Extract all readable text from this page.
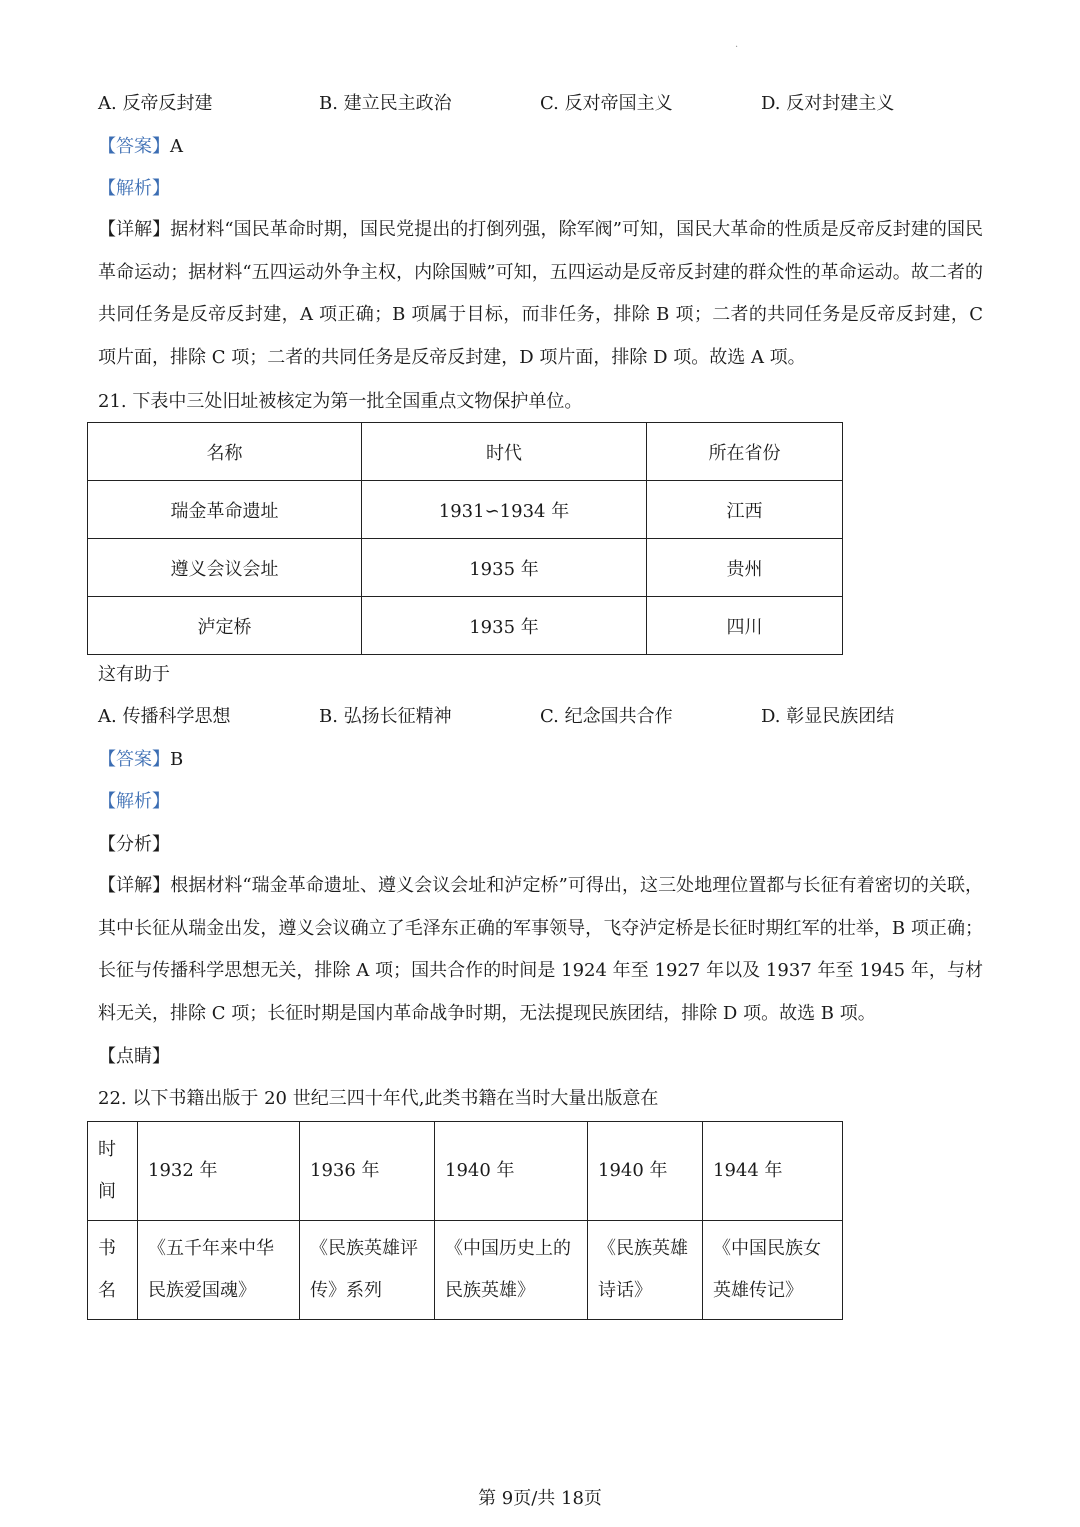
·
A. 反帝反封建	B. 建立民主政治	C. 反对帝国主义	D. 反对封建主义
【答案】A
【解析】
【详解】据材料“国民革命时期，国民党提出的打倒列强，除军阀”可知，国民大革命的性质是反帝反封建的国民革命运动；据材料“五四运动外争主权，内除国贼”可知，五四运动是反帝反封建的群众性的革命运动。故二者的共同任务是反帝反封建，A 项正确；B 项属于目标，而非任务，排除 B 项；二者的共同任务是反帝反封建，C 项片面，排除 C 项；二者的共同任务是反帝反封建，D 项片面，排除 D 项。故选 A 项。
21. 下表中三处旧址被核定为第一批全国重点文物保护单位。
名称	时代	所在省份
瑞金革命遗址	1931∽1934 年	江西
遵义会议会址	1935 年	贵州
泸定桥	1935 年	四川
这有助于
A. 传播科学思想	B. 弘扬长征精神	C. 纪念国共合作	D. 彰显民族团结
【答案】B
【解析】
【分析】
【详解】根据材料“瑞金革命遗址、遵义会议会址和泸定桥”可得出，这三处地理位置都与长征有着密切的关联，其中长征从瑞金出发，遵义会议确立了毛泽东正确的军事领导，飞夺泸定桥是长征时期红军的壮举，B 项正确；长征与传播科学思想无关，排除 A 项；国共合作的时间是 1924 年至 1927 年以及 1937 年至 1945 年，与材料无关，排除 C 项；长征时期是国内革命战争时期，无法提现民族团结，排除 D 项。故选 B 项。
【点睛】
22. 以下书籍出版于 20 世纪三四十年代,此类书籍在当时大量出版意在
时间	1932 年	1936 年	1940 年	1940 年	1944 年
书名	《五千年来中华民族爱国魂》	《民族英雄评传》系列	《中国历史上的民族英雄》	《民族英雄诗话》	《中国民族女英雄传记》
第 9页/共 18页
